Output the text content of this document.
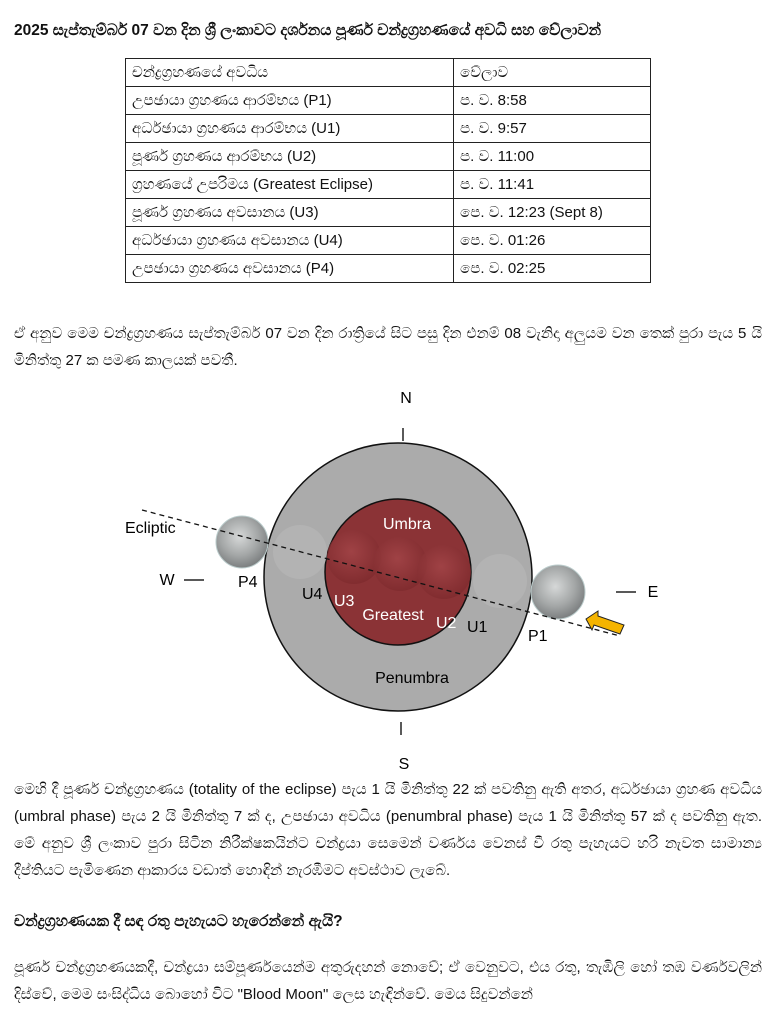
2025 සැප්තැම්බර් 07 වන දින ශ්‍රී ලංකාවට දර්ශනය පූර්ණ චන්ද්‍රග්‍රහණයේ අවධි සහ වේලාවන්
චන්ද්‍රග්‍රහණයේ අවධිය	වේලාව
උපඡායා ග්‍රහණය ආරම්භය (P1)	ප. ව. 8:58
අර්ධඡායා ග්‍රහණය ආරම්භය (U1)	ප. ව. 9:57
පූර්ණ ග්‍රහණය ආරම්භය (U2)	ප. ව. 11:00
ග්‍රහණයේ උපරිමය (Greatest Eclipse)	ප. ව. 11:41
පූර්ණ ග්‍රහණය අවසානය (U3)	පෙ. ව. 12:23 (Sept 8)
අර්ධඡායා ග්‍රහණය අවසානය (U4)	පෙ. ව. 01:26
උපඡායා ග්‍රහණය අවසානය (P4)	පෙ. ව. 02:25
ඒ අනුව මෙම චන්ද්‍රග්‍රහණය සැප්තැම්බර් 07 වන දින රාත්‍රියේ සිට පසු දින එනම් 08 වැනිදා අලුයම වන තෙක් පුරා පැය 5 යි මිනිත්තු 27 ක පමණ කාලයක් පවතී.
N
S
W
E
Ecliptic	Umbra
Greatest
Penumbra
P4
U4 U3
U2 U1
P1
මෙහි දී පූර්ණ චන්ද්‍රග්‍රහණය (totality of the eclipse) පැය 1 යි මිනිත්තු 22 ක් පවතිනු ඇති අතර, අර්ධඡායා ග්‍රහණ අවධිය (umbral phase) පැය 2 යි මිනිත්තු 7 ක් ද, උපඡායා අවධිය (penumbral phase) පැය 1 යි මිනිත්තු 57 ක් ද පවතිනු ඇත. මේ අනුව ශ්‍රී ලංකාව පුරා සිටින නිරීක්ෂකයින්ට චන්ද්‍රයා සෙමෙන් වර්ණය වෙනස් වී රතු පැහැයට හරි නැවත සාමාන්‍ය දීප්තියට පැමිණෙන ආකාරය වඩාත් හොඳින් නැරඹීමට අවස්ථාව ලැබේ.
චන්ද්‍රග්‍රහණයක දී සඳ රතු පැහැයට හැරෙන්නේ ඇයි?
පූර්ණ චන්ද්‍රග්‍රහණයකදී, චන්ද්‍රයා සම්පූර්ණයෙන්ම අතුරුදහන් නොවේ; ඒ වෙනුවට, එය රතු, තැඹිලි හෝ තඹ වර්ණවලින් දිස්වේ, මෙම සංසිද්ධිය බොහෝ විට "Blood Moon" ලෙස හැඳින්වේ. මෙය සිදුවන්නේ
